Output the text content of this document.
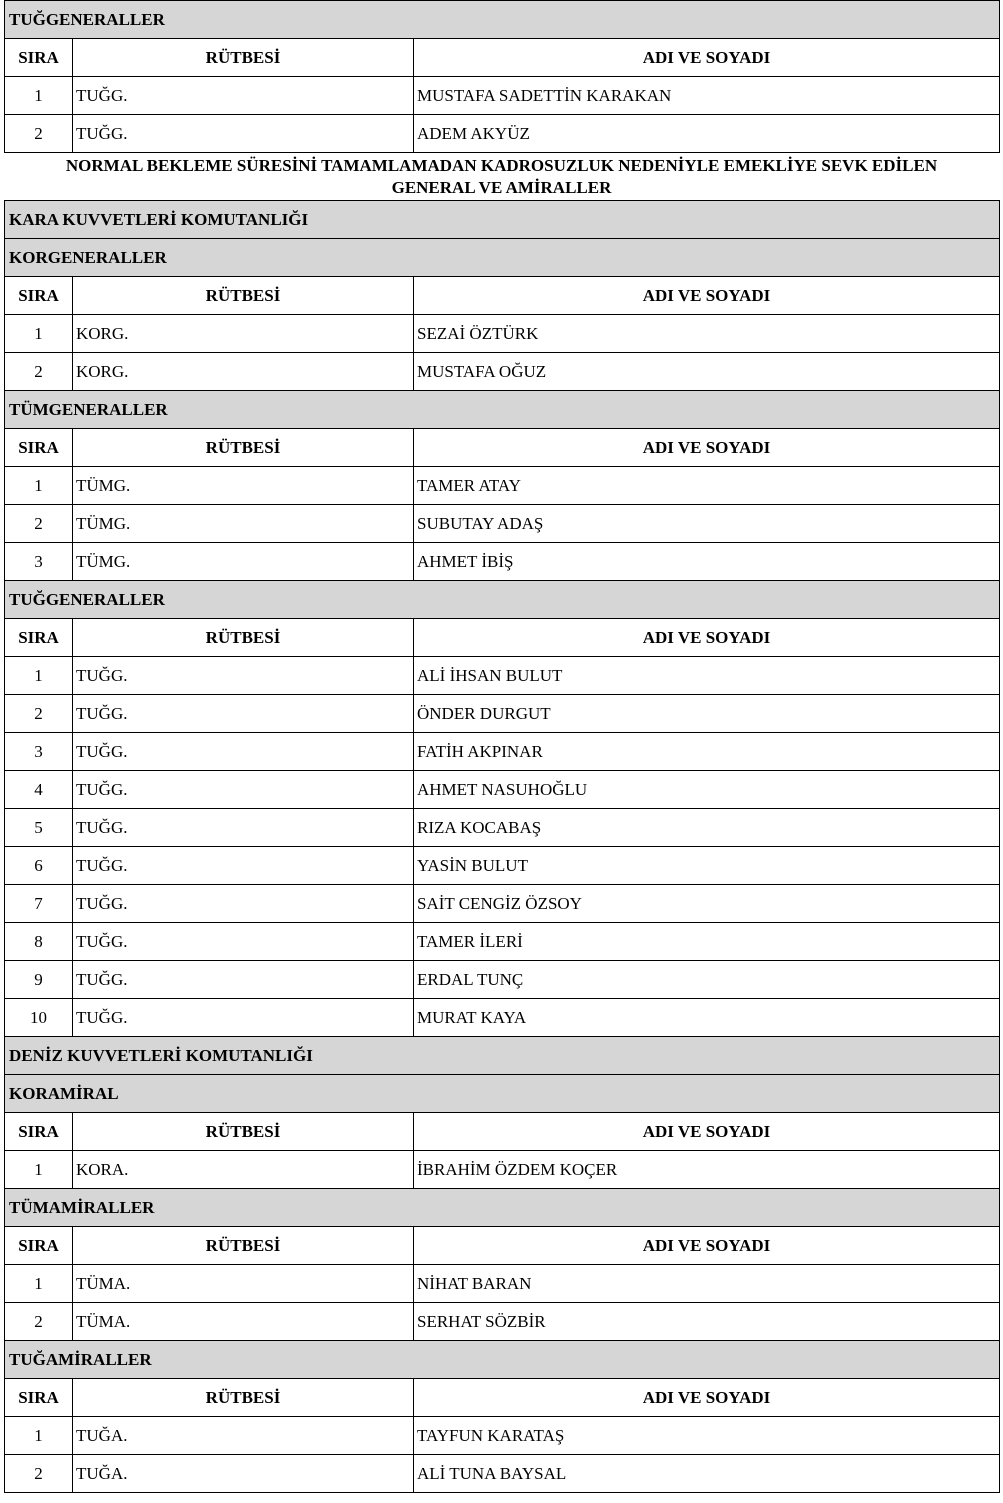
TUĞGENERALLER		
SIRA	RÜTBESİ	ADI VE SOYADI
1	TUĞG.	MUSTAFA SADETTİN KARAKAN
2	TUĞG.	ADEM AKYÜZ
NORMAL BEKLEME SÜRESİNİ TAMAMLAMADAN KADROSUZLUK NEDENİYLE EMEKLİYE SEVK EDİLEN
GENERAL VE AMİRALLER
KARA KUVVETLERİ KOMUTANLIĞI		
KORGENERALLER		
SIRA	RÜTBESİ	ADI VE SOYADI
1	KORG.	SEZAİ ÖZTÜRK
2	KORG.	MUSTAFA OĞUZ
TÜMGENERALLER		
SIRA	RÜTBESİ	ADI VE SOYADI
1	TÜMG.	TAMER ATAY
2	TÜMG.	SUBUTAY ADAŞ
3	TÜMG.	AHMET İBİŞ
TUĞGENERALLER		
SIRA	RÜTBESİ	ADI VE SOYADI
1	TUĞG.	ALİ İHSAN BULUT
2	TUĞG.	ÖNDER DURGUT
3	TUĞG.	FATİH AKPINAR
4	TUĞG.	AHMET NASUHOĞLU
5	TUĞG.	RIZA KOCABAŞ
6	TUĞG.	YASİN BULUT
7	TUĞG.	SAİT CENGİZ ÖZSOY
8	TUĞG.	TAMER İLERİ
9	TUĞG.	ERDAL TUNÇ
10	TUĞG.	MURAT KAYA
DENİZ KUVVETLERİ KOMUTANLIĞI		
KORAMİRAL		
SIRA	RÜTBESİ	ADI VE SOYADI
1	KORA.	İBRAHİM ÖZDEM KOÇER
TÜMAMİRALLER		
SIRA	RÜTBESİ	ADI VE SOYADI
1	TÜMA.	NİHAT BARAN
2	TÜMA.	SERHAT SÖZBİR
TUĞAMİRALLER		
SIRA	RÜTBESİ	ADI VE SOYADI
1	TUĞA.	TAYFUN KARATAŞ
2	TUĞA.	ALİ TUNA BAYSAL
